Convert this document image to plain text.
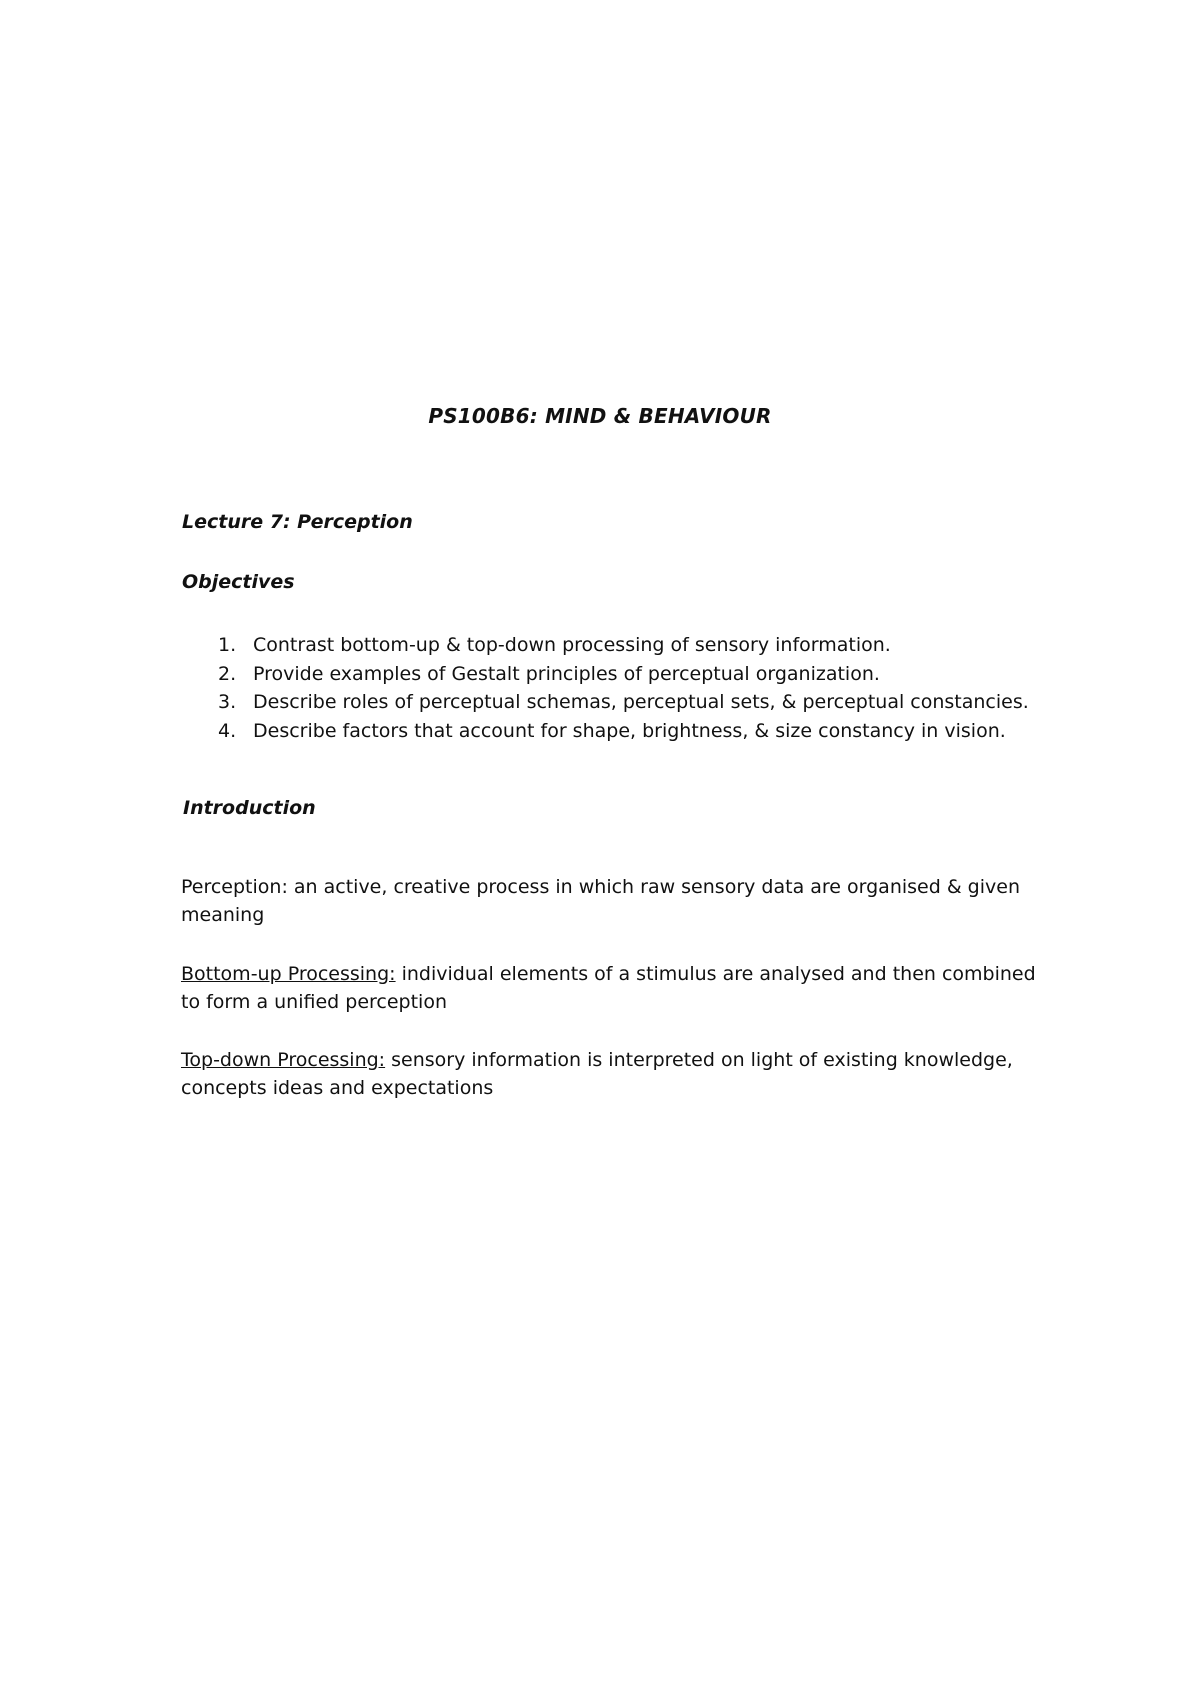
PS100B6: MIND & BEHAVIOUR
Lecture 7: Perception
Objectives
1. Contrast bottom-up & top-down processing of sensory information.
2. Provide examples of Gestalt principles of perceptual organization.
3. Describe roles of perceptual schemas, perceptual sets, & perceptual constancies.
4. Describe factors that account for shape, brightness, & size constancy in vision.
Introduction

Perception: an active, creative process in which raw sensory data are organised & given meaning

Bottom-up Processing: individual elements of a stimulus are analysed and then combined to form a unified perception

Top-down Processing: sensory information is interpreted on light of existing knowledge, concepts ideas and expectations
